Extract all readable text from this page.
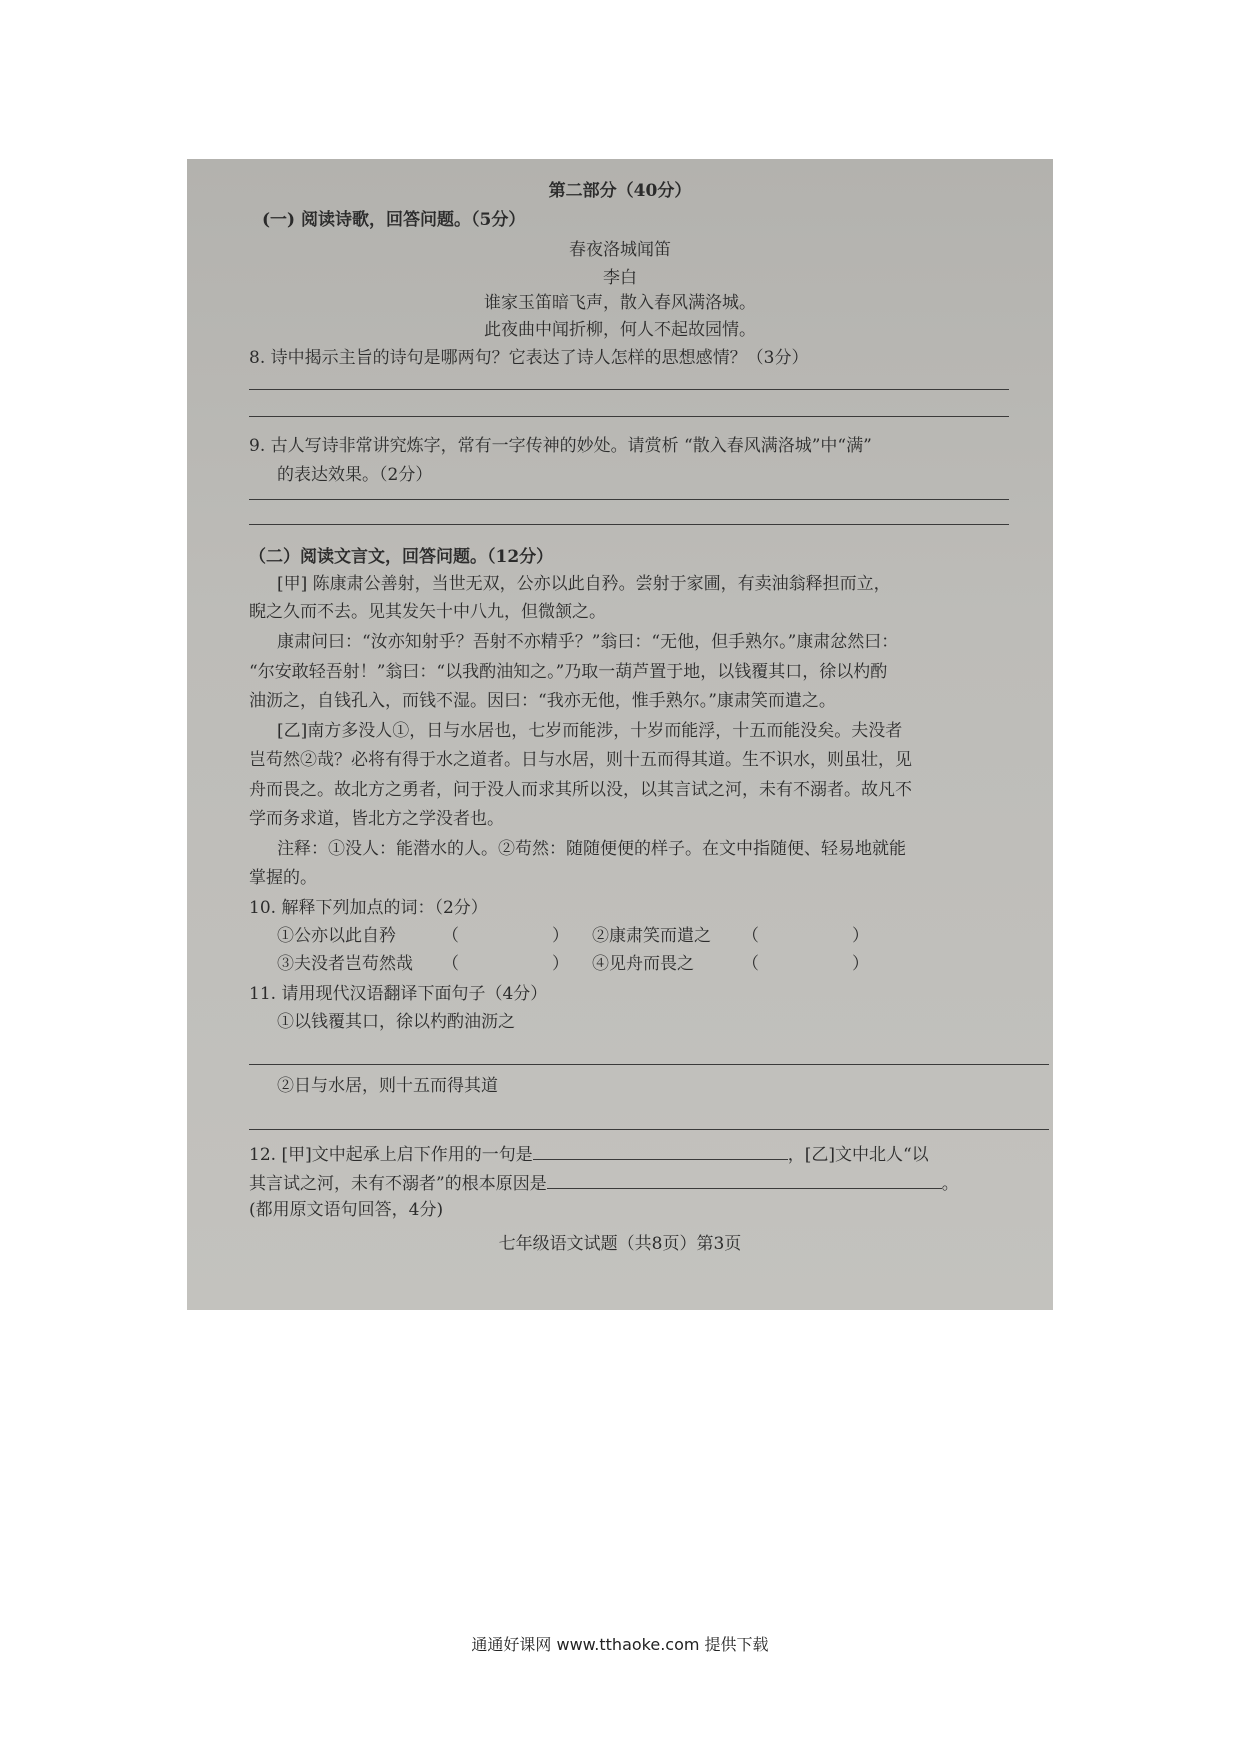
第二部分（40分）
(一) 阅读诗歌，回答问题。（5分）
春夜洛城闻笛
李白
谁家玉笛暗飞声，散入春风满洛城。
此夜曲中闻折柳，何人不起故园情。
8. 诗中揭示主旨的诗句是哪两句？它表达了诗人怎样的思想感情？（3分）
9. 古人写诗非常讲究炼字，常有一字传神的妙处。请赏析 “散入春风满洛城”中“满”
的表达效果。（2分）
（二）阅读文言文，回答问题。（12分）
[甲] 陈康肃公善射，当世无双，公亦以此自矜。尝射于家圃，有卖油翁释担而立，
睨之久而不去。见其发矢十中八九，但微颔之。
康肃问曰：“汝亦知射乎？吾射不亦精乎？”翁曰：“无他，但手熟尔。”康肃忿然曰：
“尔安敢轻吾射！”翁曰：“以我酌油知之。”乃取一葫芦置于地，以钱覆其口，徐以杓酌
油沥之，自钱孔入，而钱不湿。因曰：“我亦无他，惟手熟尔。”康肃笑而遣之。
[乙]南方多没人①，日与水居也，七岁而能涉，十岁而能浮，十五而能没矣。夫没者
岂苟然②哉？必将有得于水之道者。日与水居，则十五而得其道。生不识水，则虽壮，见
舟而畏之。故北方之勇者，问于没人而求其所以没，以其言试之河，未有不溺者。故凡不
学而务求道，皆北方之学没者也。
注释：①没人：能潜水的人。②苟然：随随便便的样子。在文中指随便、轻易地就能
掌握的。
10. 解释下列加点的词：（2分）
①公亦以此自矜	（	） ②康肃笑而遣之 （	）
③夫没者岂苟然哉 （	） ④见舟而畏之	（	）
11. 请用现代汉语翻译下面句子（4分）
①以钱覆其口，徐以杓酌油沥之
②日与水居，则十五而得其道
12. [甲]文中起承上启下作用的一句是	，[乙]文中北人“以
其言试之河，未有不溺者”的根本原因是	。
(都用原文语句回答，4分)
七年级语文试题（共8页）第3页
通通好课网 www.tthaoke.com 提供下载
